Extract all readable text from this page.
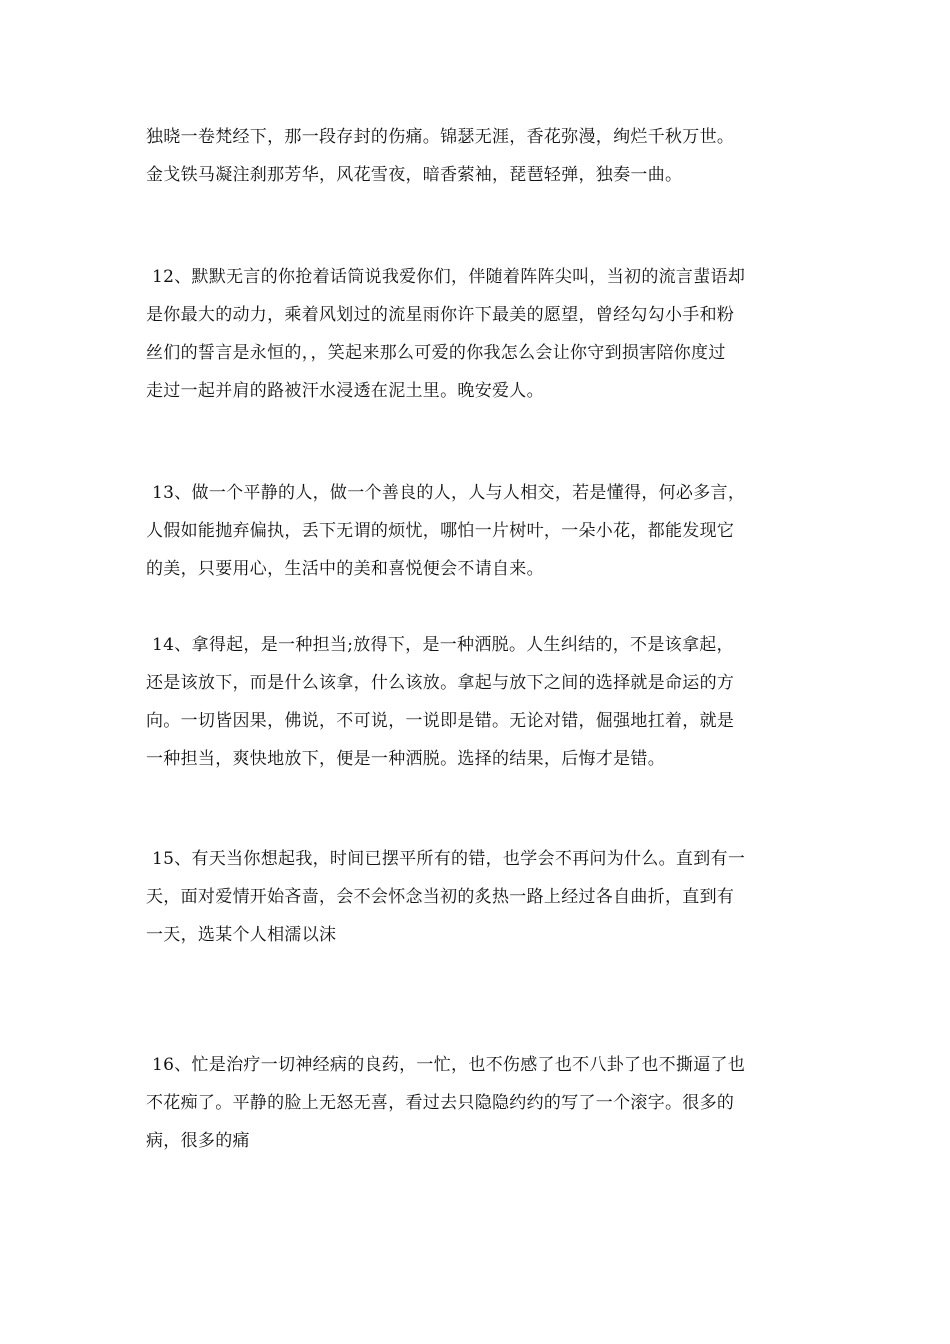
独晓一卷梵经下，那一段存封的伤痛。锦瑟无涯，香花弥漫，绚烂千秋万世。
金戈铁马凝注刹那芳华，风花雪夜，暗香萦袖，琵琶轻弹，独奏一曲。
12、默默无言的你抢着话筒说我爱你们，伴随着阵阵尖叫，当初的流言蜚语却
是你最大的动力，乘着风划过的流星雨你许下最美的愿望，曾经勾勾小手和粉
丝们的誓言是永恒的，，笑起来那么可爱的你我怎么会让你守到损害陪你度过
走过一起并肩的路被汗水浸透在泥土里。晚安爱人。
13、做一个平静的人，做一个善良的人，人与人相交，若是懂得，何必多言，
人假如能抛弃偏执，丢下无谓的烦忧，哪怕一片树叶，一朵小花，都能发现它
的美，只要用心，生活中的美和喜悦便会不请自来。
14、拿得起，是一种担当;放得下，是一种洒脱。人生纠结的，不是该拿起，
还是该放下，而是什么该拿，什么该放。拿起与放下之间的选择就是命运的方
向。一切皆因果，佛说，不可说，一说即是错。无论对错，倔强地扛着，就是
一种担当，爽快地放下，便是一种洒脱。选择的结果，后悔才是错。
15、有天当你想起我，时间已摆平所有的错，也学会不再问为什么。直到有一
天，面对爱情开始吝啬，会不会怀念当初的炙热一路上经过各自曲折，直到有
一天，选某个人相濡以沫
16、忙是治疗一切神经病的良药，一忙，也不伤感了也不八卦了也不撕逼了也
不花痴了。平静的脸上无怒无喜，看过去只隐隐约约的写了一个滚字。很多的
病，很多的痛
